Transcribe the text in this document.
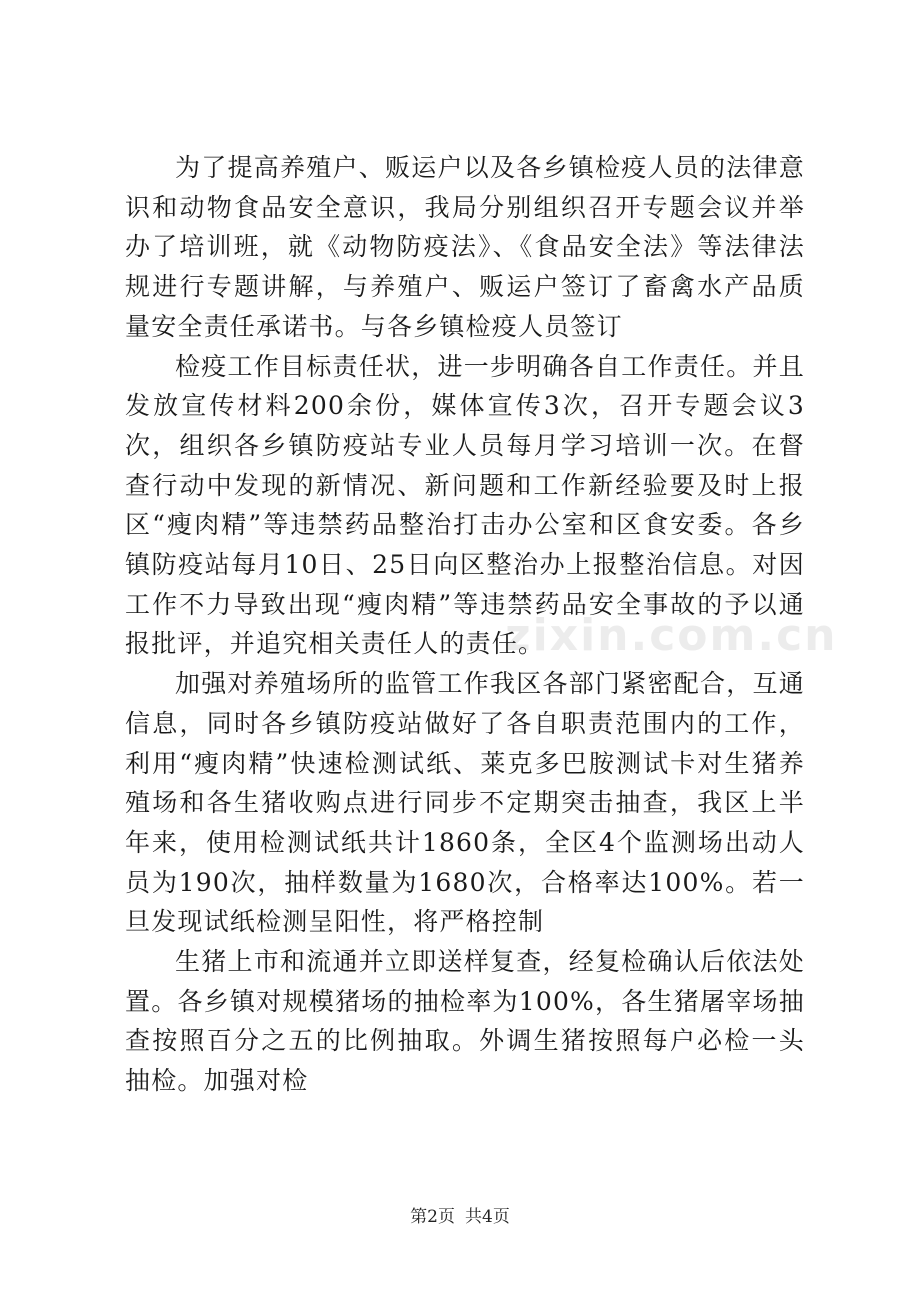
为了提高养殖户、贩运户以及各乡镇检疫人员的法律意识和动物食品安全意识，我局分别组织召开专题会议并举办了培训班，就《动物防疫法》、《食品安全法》等法律法规进行专题讲解，与养殖户、贩运户签订了畜禽水产品质量安全责任承诺书。与各乡镇检疫人员签订

检疫工作目标责任状，进一步明确各自工作责任。并且发放宣传材料200余份，媒体宣传3次，召开专题会议3次，组织各乡镇防疫站专业人员每月学习培训一次。在督查行动中发现的新情况、新问题和工作新经验要及时上报区“瘦肉精”等违禁药品整治打击办公室和区食安委。各乡镇防疫站每月10日、25日向区整治办上报整治信息。对因工作不力导致出现“瘦肉精”等违禁药品安全事故的予以通报批评，并追究相关责任人的责任。

加强对养殖场所的监管工作我区各部门紧密配合，互通信息，同时各乡镇防疫站做好了各自职责范围内的工作，利用“瘦肉精”快速检测试纸、莱克多巴胺测试卡对生猪养殖场和各生猪收购点进行同步不定期突击抽查，我区上半年来，使用检测试纸共计1860条，全区4个监测场出动人员为190次，抽样数量为1680次，合格率达100%。若一旦发现试纸检测呈阳性，将严格控制

生猪上市和流通并立即送样复查，经复检确认后依法处置。各乡镇对规模猪场的抽检率为100%，各生猪屠宰场抽查按照百分之五的比例抽取。外调生猪按照每户必检一头抽检。加强对检

zixin.com.cn
第2页 共4页
